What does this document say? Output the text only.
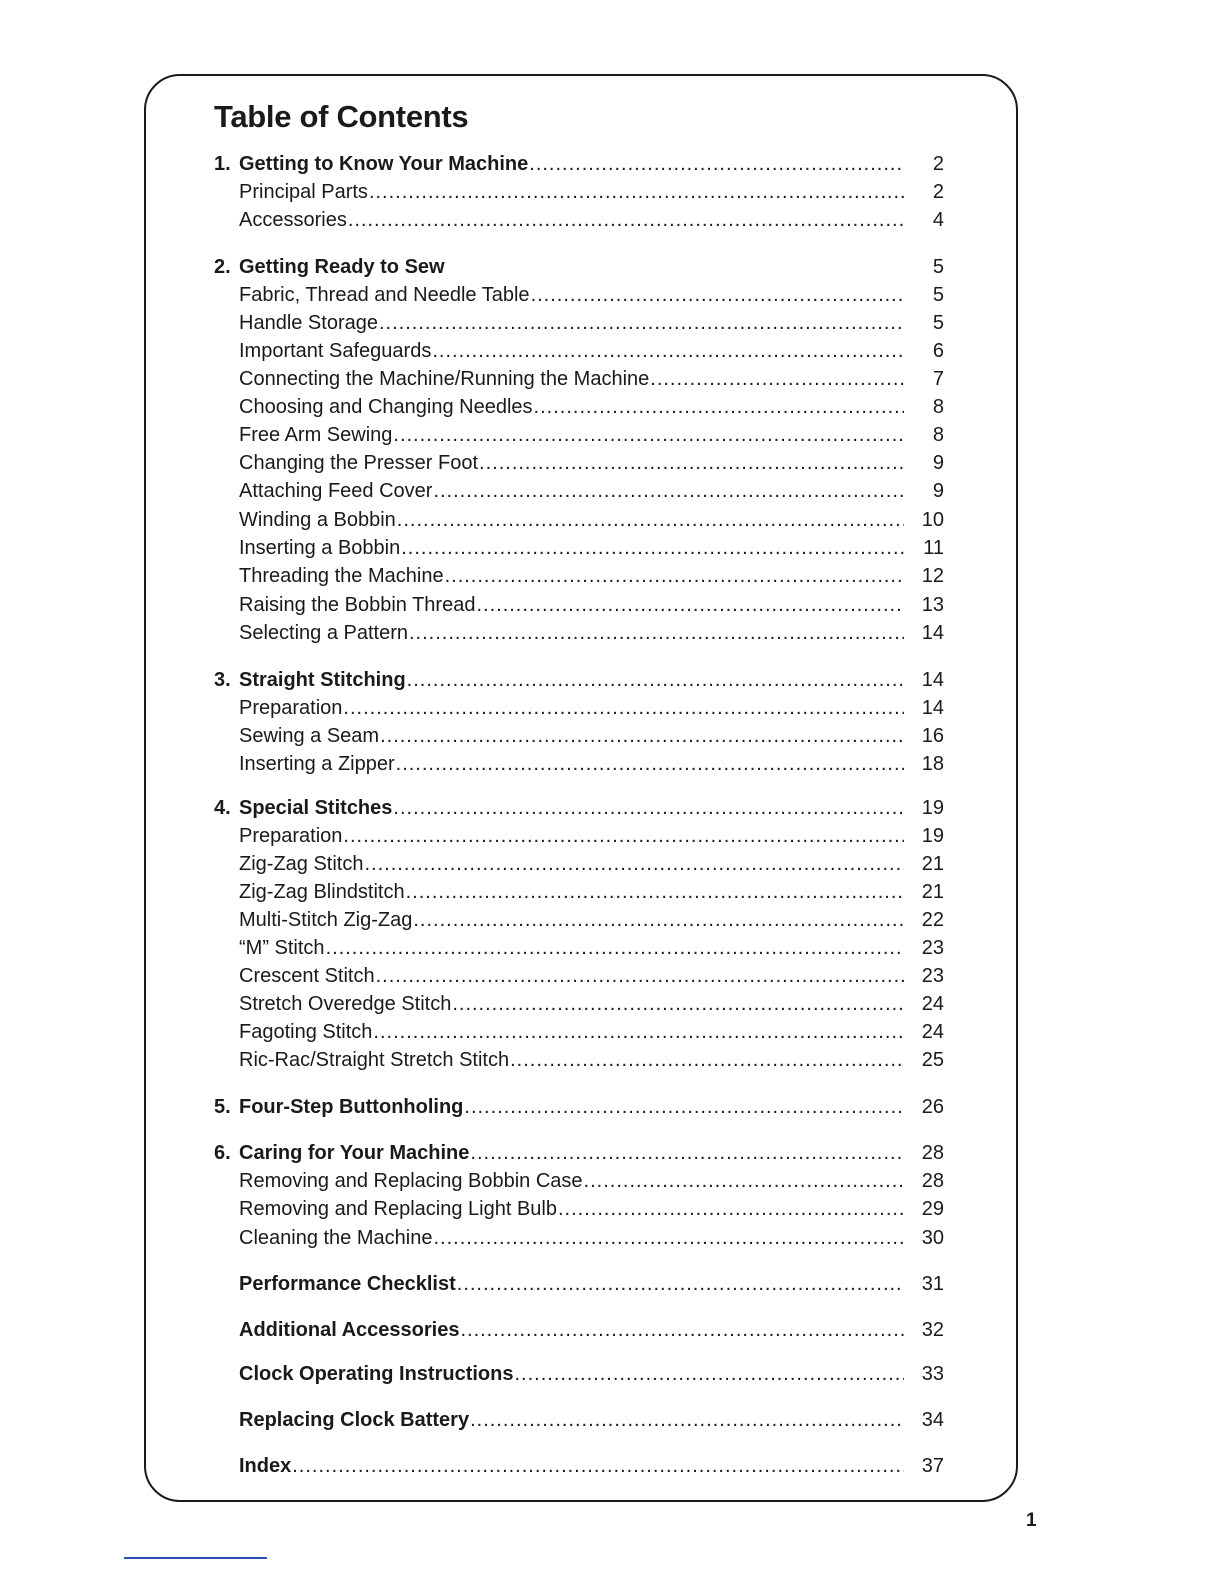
Table of Contents
1. Getting to Know Your Machine .....	2
Principal Parts .....	2
Accessories .....	4
2. Getting Ready to Sew	5
Fabric, Thread and Needle Table .....	5
Handle Storage .....	5
Important Safeguards .....	6
Connecting the Machine/Running the Machine .....	7
Choosing and Changing Needles .....	8
Free Arm Sewing .....	8
Changing the Presser Foot .....	9
Attaching Feed Cover .....	9
Winding a Bobbin .....	10
Inserting a Bobbin .....	11
Threading the Machine .....	12
Raising the Bobbin Thread .....	13
Selecting a Pattern .....	14
3. Straight Stitching .....	14
Preparation .....	14
Sewing a Seam .....	16
Inserting a Zipper .....	18
4. Special Stitches .....	19
Preparation .....	19
Zig-Zag Stitch .....	21
Zig-Zag Blindstitch .....	21
Multi-Stitch Zig-Zag .....	22
“M” Stitch .....	23
Crescent Stitch .....	23
Stretch Overedge Stitch .....	24
Fagoting Stitch .....	24
Ric-Rac/Straight Stretch Stitch .....	25
5. Four-Step Buttonholing .....	26
6. Caring for Your Machine .....	28
Removing and Replacing Bobbin Case .....	28
Removing and Replacing Light Bulb .....	29
Cleaning the Machine .....	30
Performance Checklist .....	31
Additional Accessories .....	32
Clock Operating Instructions .....	33
Replacing Clock Battery .....	34
Index .....	37
1
